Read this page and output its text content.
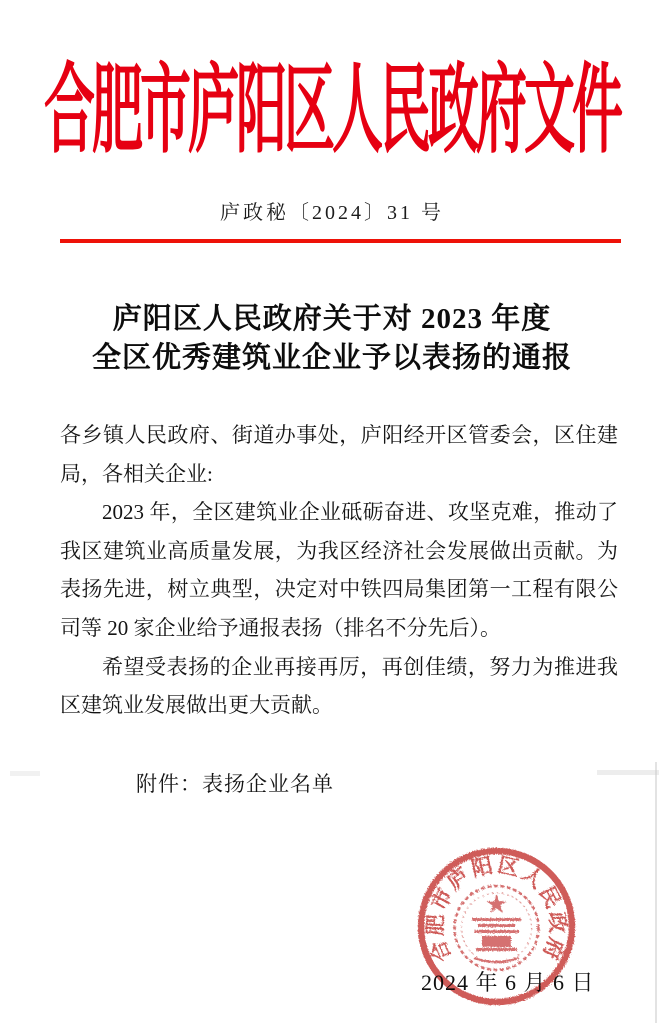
合肥市庐阳区人民政府文件
庐政秘〔2024〕31 号
庐阳区人民政府关于对 2023 年度
全区优秀建筑业企业予以表扬的通报

各乡镇人民政府、街道办事处，庐阳经开区管委会，区住建局，各相关企业:

2023 年，全区建筑业企业砥砺奋进、攻坚克难，推动了我区建筑业高质量发展，为我区经济社会发展做出贡献。为表扬先进，树立典型，决定对中铁四局集团第一工程有限公司等 20 家企业给予通报表扬（排名不分先后）。

希望受表扬的企业再接再厉，再创佳绩，努力为推进我区建筑业发展做出更大贡献。

附件：表扬企业名单
2024 年 6 月 6 日
合肥市庐阳区人民政府
